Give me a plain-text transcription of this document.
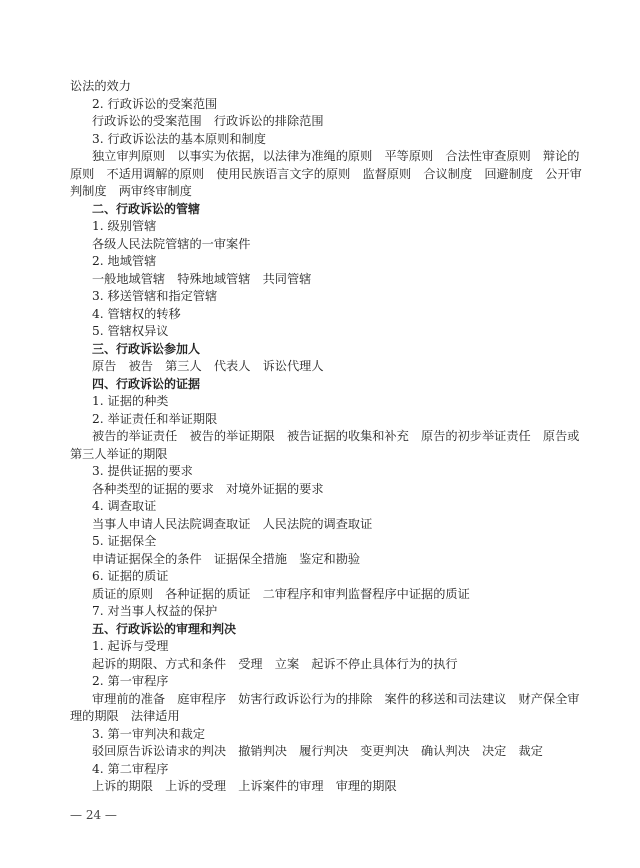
讼法的效力
2. 行政诉讼的受案范围
行政诉讼的受案范围　行政诉讼的排除范围
3. 行政诉讼法的基本原则和制度
独立审判原则　以事实为依据，以法律为准绳的原则　平等原则　合法性审查原则　辩论的
原则　不适用调解的原则　使用民族语言文字的原则　监督原则　合议制度　回避制度　公开审
判制度　两审终审制度
二、行政诉讼的管辖
1. 级别管辖
各级人民法院管辖的一审案件
2. 地域管辖
一般地域管辖　特殊地域管辖　共同管辖
3. 移送管辖和指定管辖
4. 管辖权的转移
5. 管辖权异议
三、行政诉讼参加人
原告　被告　第三人　代表人　诉讼代理人
四、行政诉讼的证据
1. 证据的种类
2. 举证责任和举证期限
被告的举证责任　被告的举证期限　被告证据的收集和补充　原告的初步举证责任　原告或
第三人举证的期限
3. 提供证据的要求
各种类型的证据的要求　对境外证据的要求
4. 调查取证
当事人申请人民法院调查取证　人民法院的调查取证
5. 证据保全
申请证据保全的条件　证据保全措施　鉴定和勘验
6. 证据的质证
质证的原则　各种证据的质证　二审程序和审判监督程序中证据的质证
7. 对当事人权益的保护
五、行政诉讼的审理和判决
1. 起诉与受理
起诉的期限、方式和条件　受理　立案　起诉不停止具体行为的执行
2. 第一审程序
审理前的准备　庭审程序　妨害行政诉讼行为的排除　案件的移送和司法建议　财产保全审
理的期限　法律适用
3. 第一审判决和裁定
驳回原告诉讼请求的判决　撤销判决　履行判决　变更判决　确认判决　决定　裁定
4. 第二审程序
上诉的期限　上诉的受理　上诉案件的审理　审理的期限
— 24 —
